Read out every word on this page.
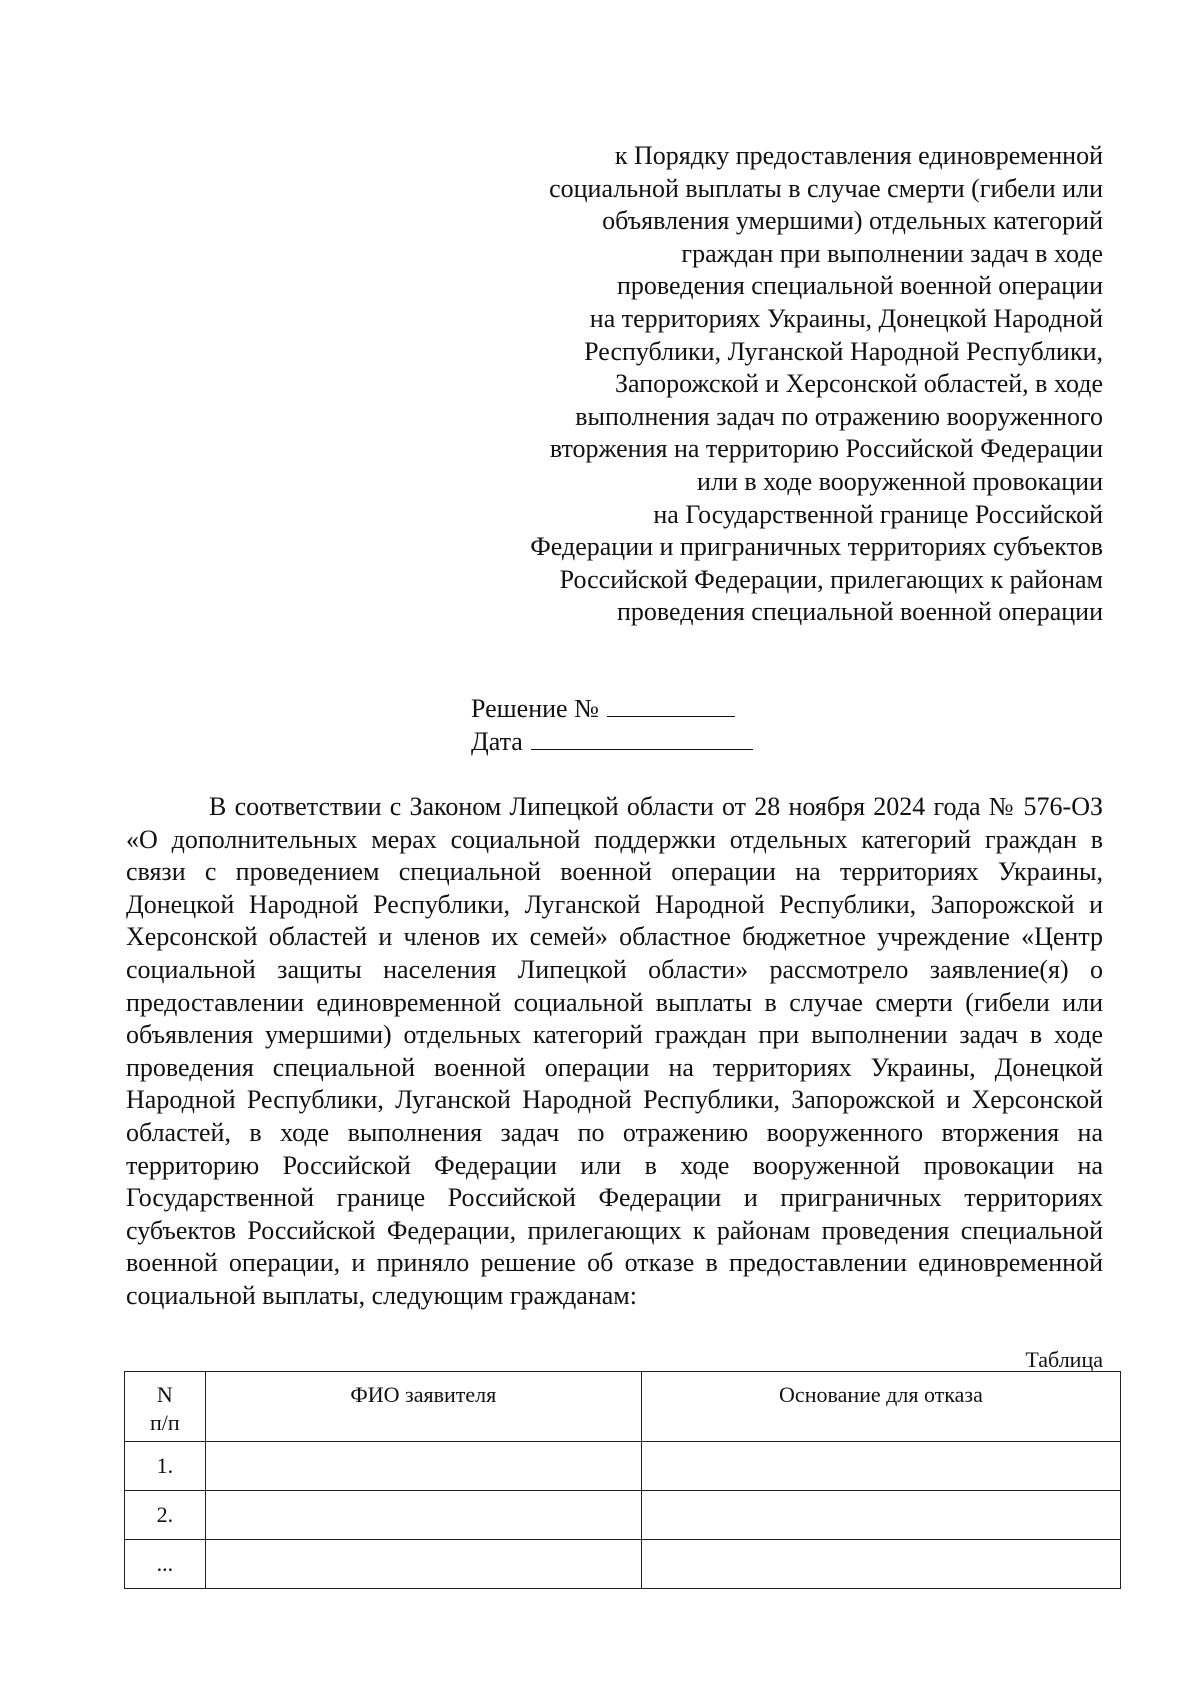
к Порядку предоставления единовременной
социальной выплаты в случае смерти (гибели или
объявления умершими) отдельных категорий
граждан при выполнении задач в ходе
проведения специальной военной операции
на территориях Украины, Донецкой Народной
Республики, Луганской Народной Республики,
Запорожской и Херсонской областей, в ходе
выполнения задач по отражению вооруженного
вторжения на территорию Российской Федерации
или в ходе вооруженной провокации
на Государственной границе Российской
Федерации и приграничных территориях субъектов
Российской Федерации, прилегающих к районам
проведения специальной военной операции
Решение №
Дата

В соответствии с Законом Липецкой области от 28 ноября 2024 года № 576-ОЗ «О дополнительных мерах социальной поддержки отдельных категорий граждан в связи с проведением специальной военной операции на территориях Украины, Донецкой Народной Республики, Луганской Народной Республики, Запорожской и Херсонской областей и членов их семей» областное бюджетное учреждение «Центр социальной защиты населения Липецкой области» рассмотрело заявление(я) о предоставлении единовременной социальной выплаты в случае смерти (гибели или объявления умершими) отдельных категорий граждан при выполнении задач в ходе проведения специальной военной операции на территориях Украины, Донецкой Народной Республики, Луганской Народной Республики, Запорожской и Херсонской областей, в ходе выполнения задач по отражению вооруженного вторжения на территорию Российской Федерации или в ходе вооруженной провокации на Государственной границе Российской Федерации и приграничных территориях субъектов Российской Федерации, прилегающих к районам проведения специальной военной операции, и приняло решение об отказе в предоставлении единовременной социальной выплаты, следующим гражданам:

Таблица
N
п/п	ФИО заявителя	Основание для отказа
1.		
2.		
...		
